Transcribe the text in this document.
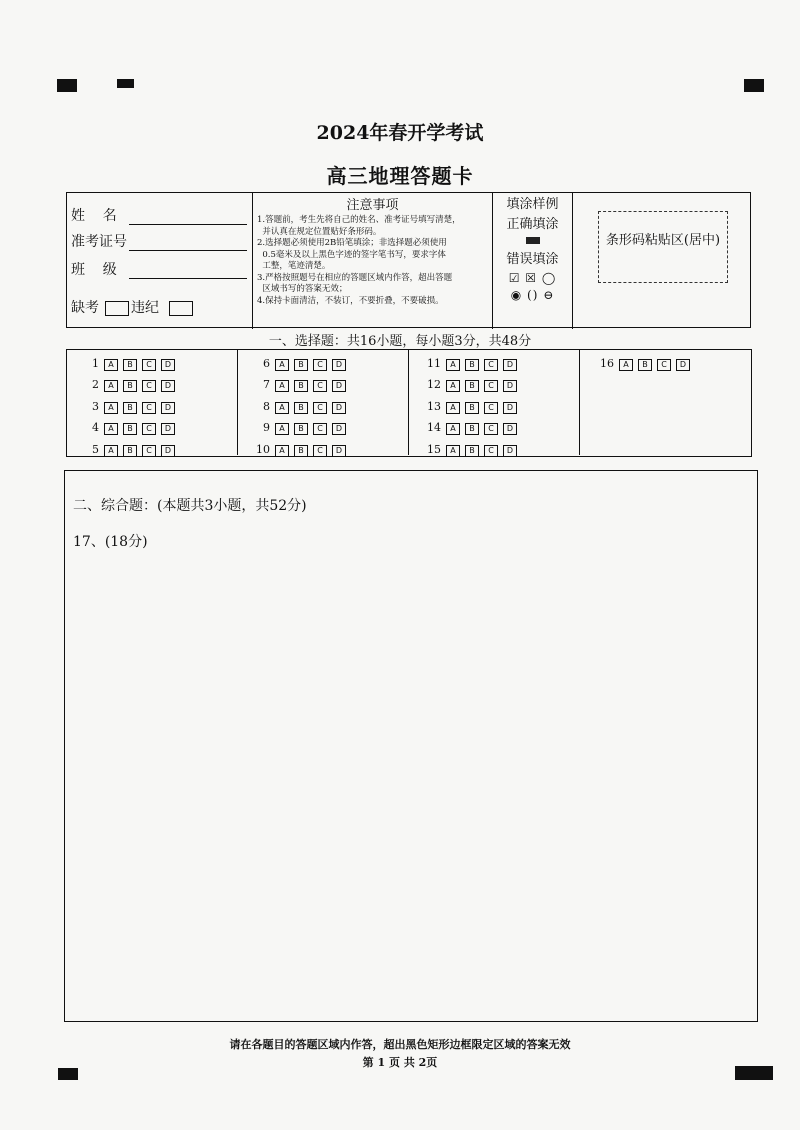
2024年春开学考试
高三地理答题卡
姓    名
准考证号
班    级
缺考 违纪
注意事项
1.答题前，考生先将自己的姓名、准考证号填写清楚，
并认真在规定位置贴好条形码。
2.选择题必须使用2B铅笔填涂；非选择题必须使用
0.5毫米及以上黑色字迹的签字笔书写，要求字体
工整，笔迹清楚。
3.严格按照题号在相应的答题区域内作答，超出答题
区域书写的答案无效；
4.保持卡面清洁，不装订，不要折叠，不要破损。
填涂样例
正确填涂
错误填涂
☑ ☒ ◯
◉ () ⊖
条形码粘贴区(居中)
一、选择题：共16小题，每小题3分，共48分
1 A B C D
2 A B C D
3 A B C D
4 A B C D
5 A B C D
6 A B C D
7 A B C D
8 A B C D
9 A B C D
10 A B C D
11 A B C D
12 A B C D
13 A B C D
14 A B C D
15 A B C D
16 A B C D
二、综合题：(本题共3小题，共52分)
17、(18分)
请在各题目的答题区域内作答，超出黑色矩形边框限定区域的答案无效
第 1 页 共 2页
